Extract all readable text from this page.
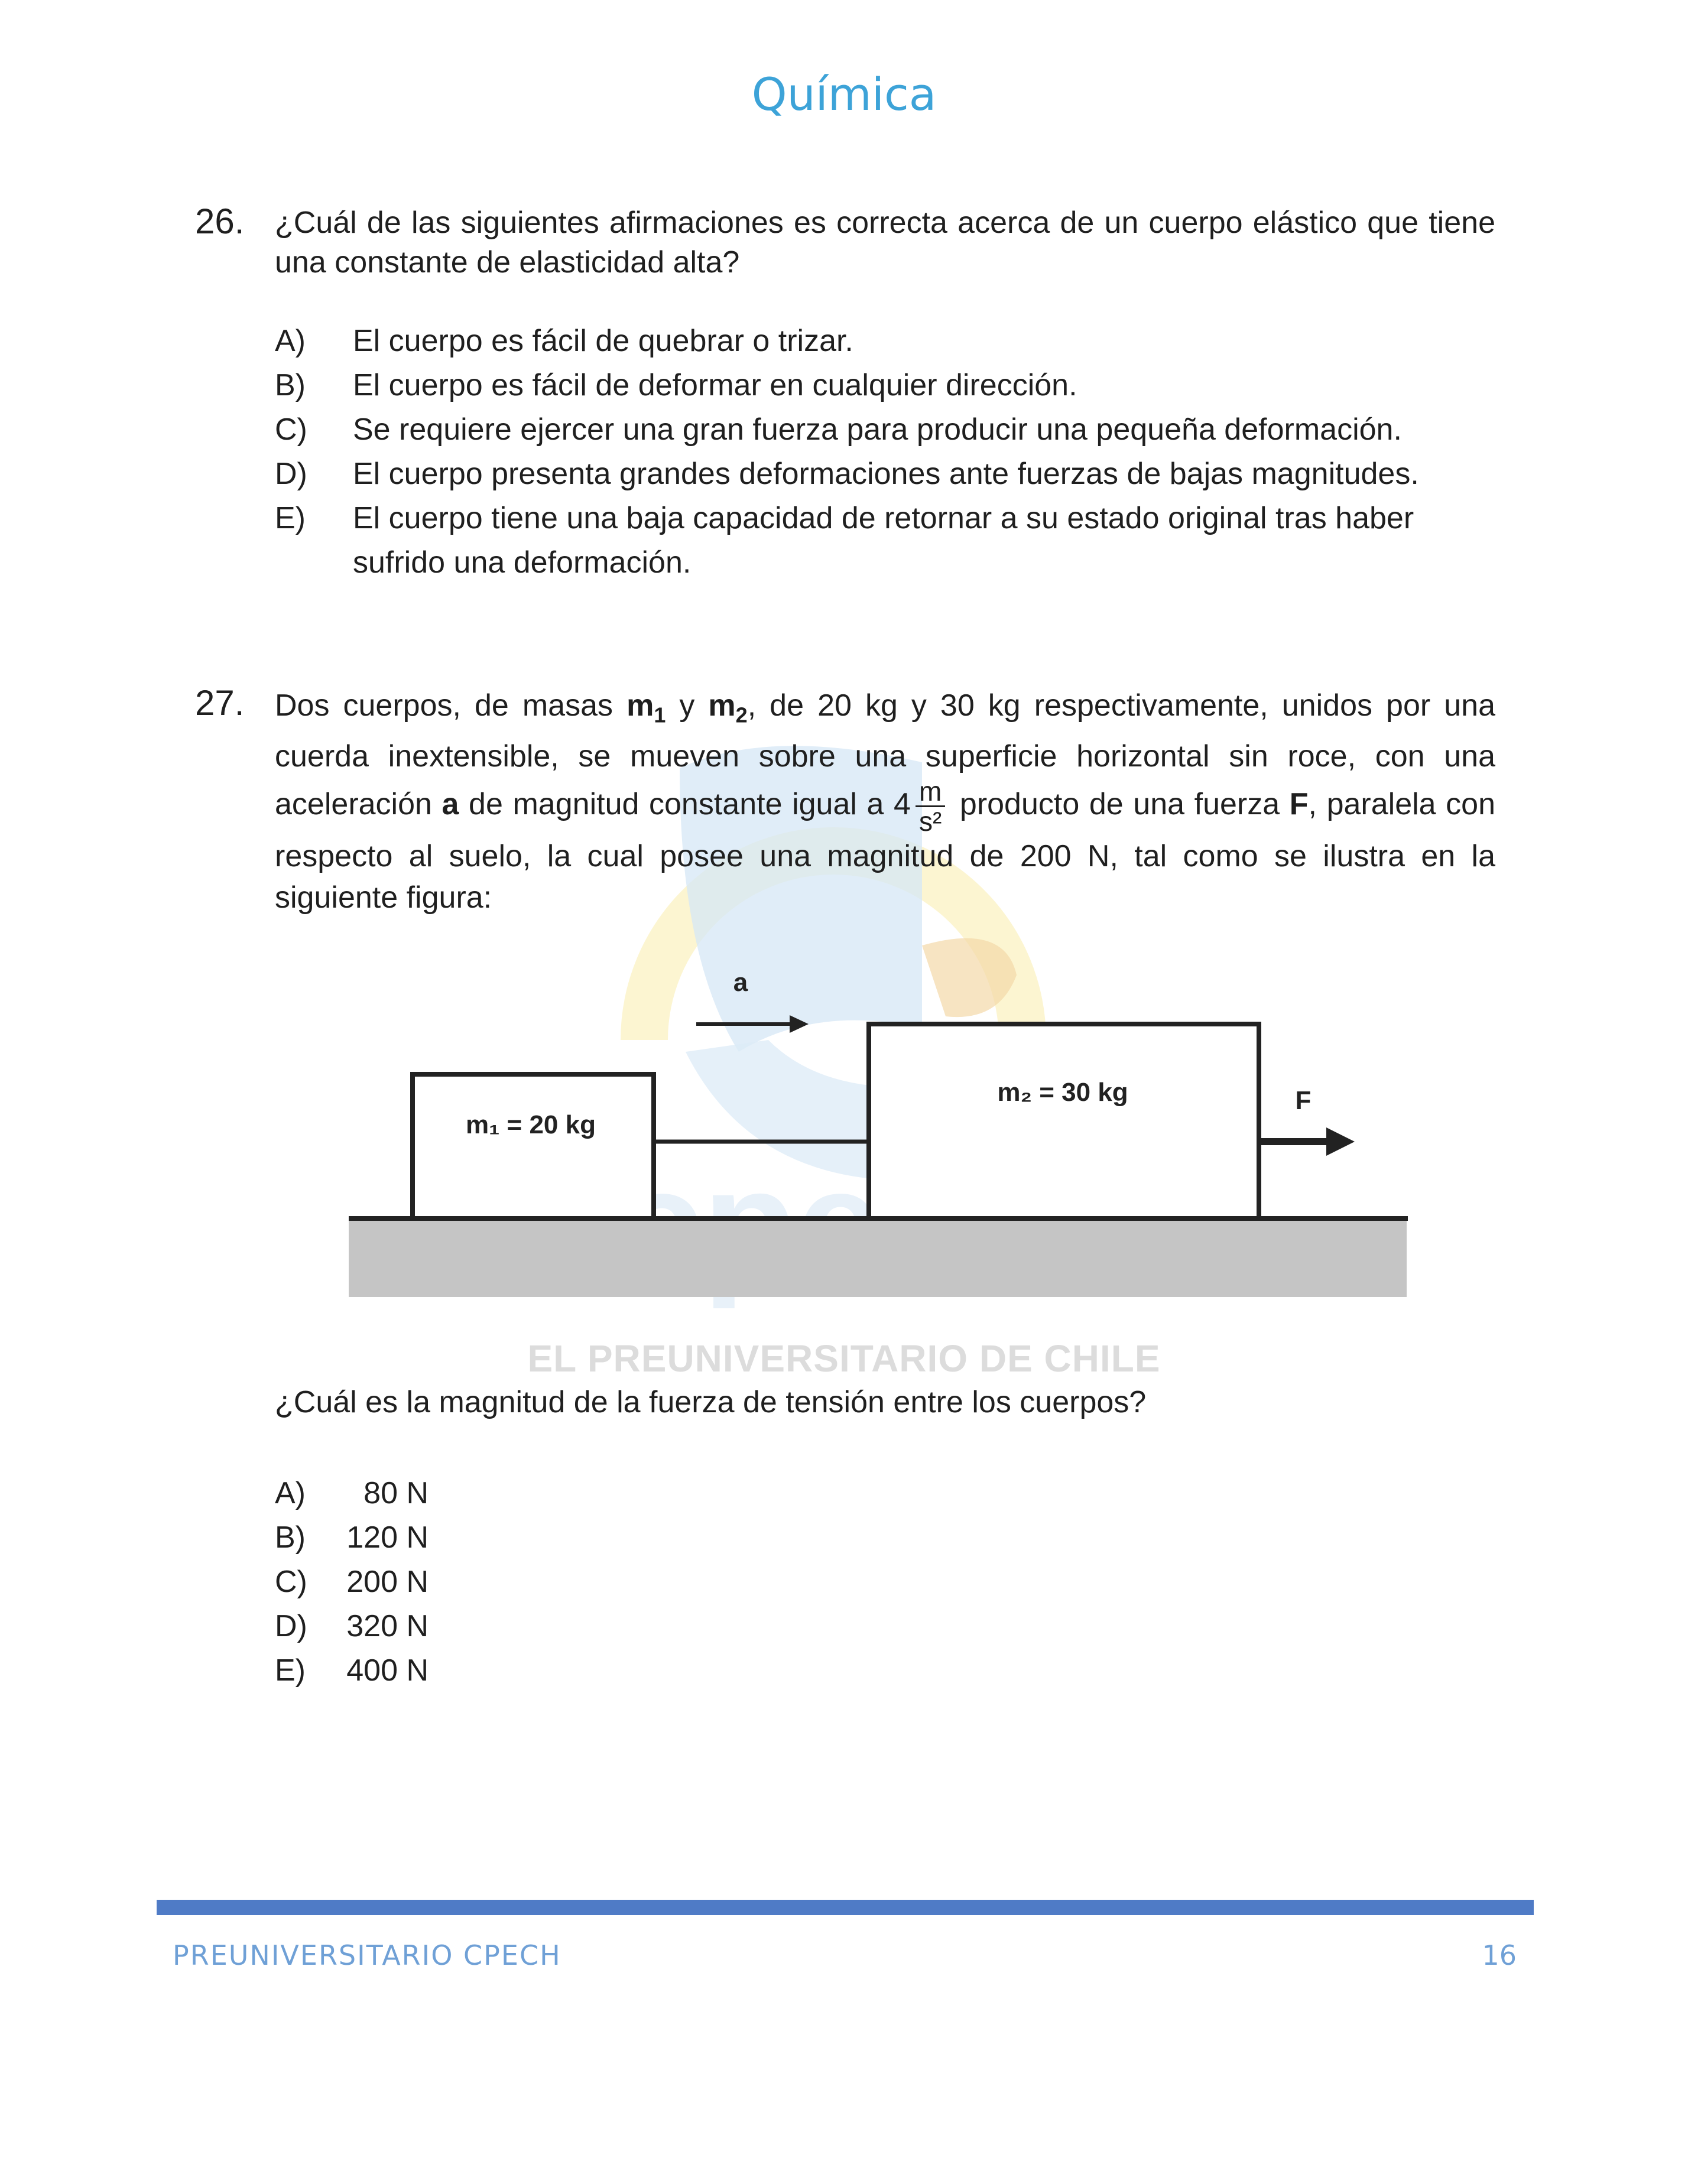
Química
EL PREUNIVERSITARIO DE CHILE
26. ¿Cuál de las siguientes afirmaciones es correcta acerca de un cuerpo elástico que tiene una constante de elasticidad alta?
A) El cuerpo es fácil de quebrar o trizar.
B) El cuerpo es fácil de deformar en cualquier dirección.
C) Se requiere ejercer una gran fuerza para producir una pequeña deformación.
D) El cuerpo presenta grandes deformaciones ante fuerzas de bajas magnitudes.
E) El cuerpo tiene una baja capacidad de retornar a su estado original tras haber sufrido una deformación.
27. Dos cuerpos, de masas $m_1$ y $m_2$, de 20 kg y 30 kg respectivamente, unidos por una cuerda inextensible, se mueven sobre una superficie horizontal sin roce, con una aceleración a de magnitud constante igual a $4 \frac{m}{\text{s²}}$ producto de una fuerza F, paralela con respecto al suelo, la cual posee una magnitud de 200 N, tal como se ilustra en la siguiente figura:
a
m₁ = 20 kg
m₂ = 30 kg	F
¿Cuál es la magnitud de la fuerza de tensión entre los cuerpos?
A) 80 N
B) 120 N
C) 200 N
D) 320 N
E) 400 N
PREUNIVERSITARIO CPECH	16
